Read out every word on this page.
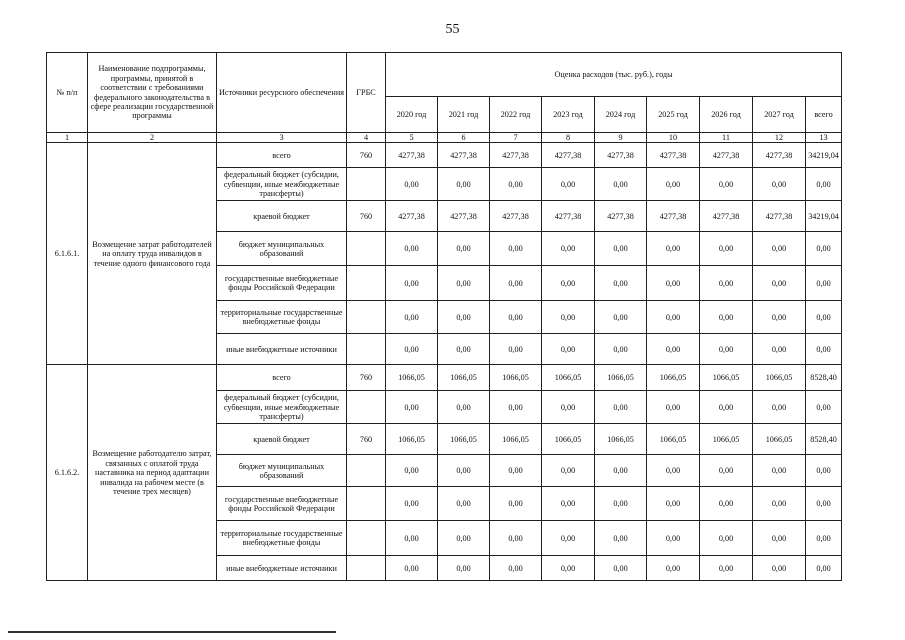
55
№ п/п	Наименование подпрограммы, программы, принятой в соответствии с требованиями федерального законодательства в сфере реализации государственной программы	Источники ресурсного обеспечения	ГРБС	Оценка расходов (тыс. руб.), годы								
				2020 год	2021 год	2022 год	2023 год	2024 год	2025 год	2026 год	2027 год	всего
1	2	3	4	5	6	7	8	9	10	11	12	13
6.1.6.1.	Возмещение затрат работодателей на оплату труда инвалидов в течение одного финансового года	всего	760	4277,38	4277,38	4277,38	4277,38	4277,38	4277,38	4277,38	4277,38	34219,04
		федеральный бюджет (субсидии, субвенции, иные межбюджетные трансферты)		0,00	0,00	0,00	0,00	0,00	0,00	0,00	0,00	0,00
		краевой бюджет	760	4277,38	4277,38	4277,38	4277,38	4277,38	4277,38	4277,38	4277,38	34219,04
		бюджет муниципальных образований		0,00	0,00	0,00	0,00	0,00	0,00	0,00	0,00	0,00
		государственные внебюджетные фонды Российской Федерации		0,00	0,00	0,00	0,00	0,00	0,00	0,00	0,00	0,00
		территориальные государственные внебюджетные фонды		0,00	0,00	0,00	0,00	0,00	0,00	0,00	0,00	0,00
		иные внебюджетные источники		0,00	0,00	0,00	0,00	0,00	0,00	0,00	0,00	0,00
6.1.6.2.	Возмещение работодателю затрат, связанных с оплатой труда наставника на период адаптации инвалида на рабочем месте (в течение трех месяцев)	всего	760	1066,05	1066,05	1066,05	1066,05	1066,05	1066,05	1066,05	1066,05	8528,40
		федеральный бюджет (субсидии, субвенции, иные межбюджетные трансферты)		0,00	0,00	0,00	0,00	0,00	0,00	0,00	0,00	0,00
		краевой бюджет	760	1066,05	1066,05	1066,05	1066,05	1066,05	1066,05	1066,05	1066,05	8528,40
		бюджет муниципальных образований		0,00	0,00	0,00	0,00	0,00	0,00	0,00	0,00	0,00
		государственные внебюджетные фонды Российской Федерации		0,00	0,00	0,00	0,00	0,00	0,00	0,00	0,00	0,00
		территориальные государственные внебюджетные фонды		0,00	0,00	0,00	0,00	0,00	0,00	0,00	0,00	0,00
		иные внебюджетные источники		0,00	0,00	0,00	0,00	0,00	0,00	0,00	0,00	0,00
